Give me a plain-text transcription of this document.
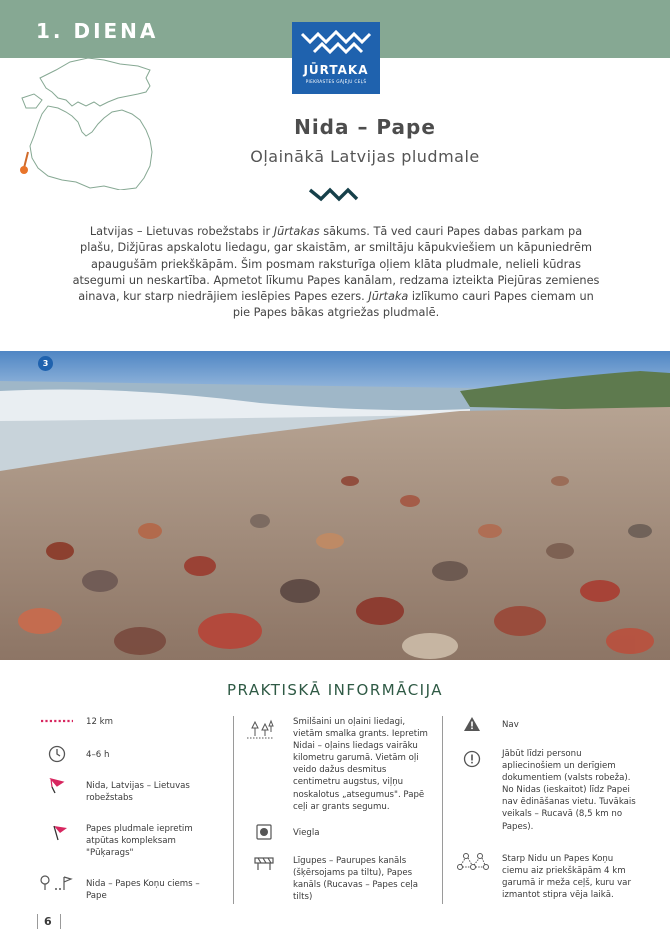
1. DIENA
JŪRTAKA
PIEKRASTES GĀJĒJU CEĻŠ
Nida – Pape
Oļainākā Latvijas pludmale
Latvijas – Lietuvas robežstabs ir Jūrtakas sākums. Tā ved cauri Papes dabas parkam pa plašu, Dižjūras apskalotu liedagu, gar skaistām, ar smiltāju kāpukviešiem un kāpuniedrēm apaugušām priekškāpām. Šim posmam raksturīga oļiem klāta pludmale, nelieli kūdras atsegumi un neskartība. Apmetot līkumu Papes kanālam, redzama izteikta Piejūras zemienes ainava, kur starp niedrājiem ieslēpies Papes ezers. Jūrtaka izlīkumo cauri Papes ciemam un pie Papes bākas atgriežas pludmalē.
3
PRAKTISKĀ INFORMĀCIJA
12 km
4–6 h
Nida, Latvijas – Lietuvas robežstabs
Papes pludmale iepretim atpūtas kompleksam "Pūķarags"
Nida – Papes Koņu ciems – Pape
Smilšaini un oļaini liedagi, vietām smalka grants. Iepretim Nidai – oļains liedags vairāku kilometru garumā. Vietām oļi veido dažus desmitus centimetru augstus, viļņu noskalotus „atsegumus". Papē ceļi ar grants segumu.
Viegla
Līgupes – Paurupes kanāls (šķērsojams pa tiltu), Papes kanāls (Rucavas – Papes ceļa tilts)
Nav
Jābūt līdzi personu apliecinošiem un derīgiem dokumentiem (valsts robeža). No Nidas (ieskaitot) līdz Papei nav ēdināšanas vietu. Tuvākais veikals – Rucavā (8,5 km no Papes).
Starp Nidu un Papes Koņu ciemu aiz priekškāpām 4 km garumā ir meža ceļš, kuru var izmantot stipra vēja laikā.
6
